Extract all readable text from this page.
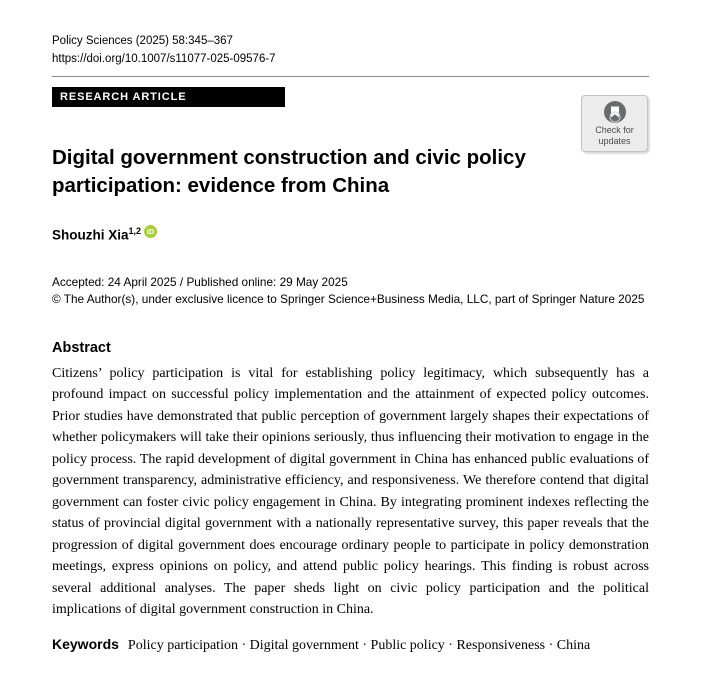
Policy Sciences (2025) 58:345–367
https://doi.org/10.1007/s11077-025-09576-7
RESEARCH ARTICLE
Check for
updates
Digital government construction and civic policy participation: evidence from China
Shouzhi Xia$^{1,2}$ iD
Accepted: 24 April 2025 / Published online: 29 May 2025
© The Author(s), under exclusive licence to Springer Science+Business Media, LLC, part of Springer Nature 2025
Abstract

Citizens’ policy participation is vital for establishing policy legitimacy, which subsequently has a profound impact on successful policy implementation and the attainment of expected policy outcomes. Prior studies have demonstrated that public perception of government largely shapes their expectations of whether policymakers will take their opinions seriously, thus influencing their motivation to engage in the policy process. The rapid development of digital government in China has enhanced public evaluations of government transparency, administrative efficiency, and responsiveness. We therefore contend that digital government can foster civic policy engagement in China. By integrating prominent indexes reflecting the status of provincial digital government with a nationally representative survey, this paper reveals that the progression of digital government does encourage ordinary people to participate in policy demonstration meetings, express opinions on policy, and attend public policy hearings. This finding is robust across several additional analyses. The paper sheds light on civic policy participation and the political implications of digital government construction in China.

Keywords Policy participation · Digital government · Public policy · Responsiveness · China
